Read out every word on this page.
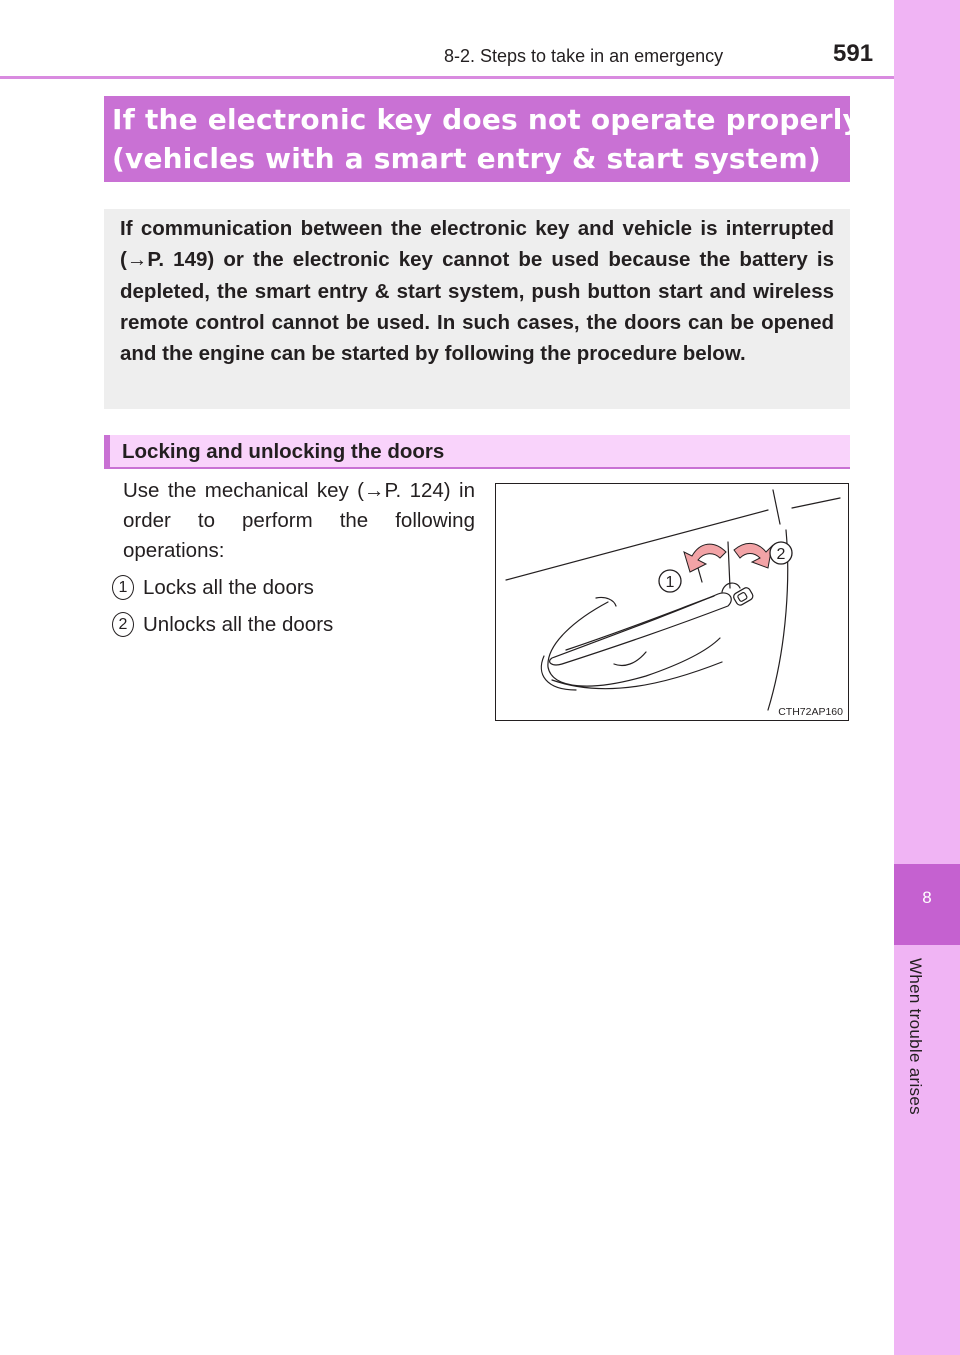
8-2. Steps to take in an emergency	591
8
When trouble arises
If the electronic key does not operate properly
(vehicles with a smart entry & start system)
If communication between the electronic key and vehicle is interrupted (→P. 149) or the electronic key cannot be used because the battery is depleted, the smart entry & start system, push button start and wireless remote control cannot be used. In such cases, the doors can be opened and the engine can be started by following the procedure below.
Locking and unlocking the doors
Use the mechanical key (→P. 124) in order to perform the following operations:
1 Locks all the doors
2 Unlocks all the doors
1
2
CTH72AP160
